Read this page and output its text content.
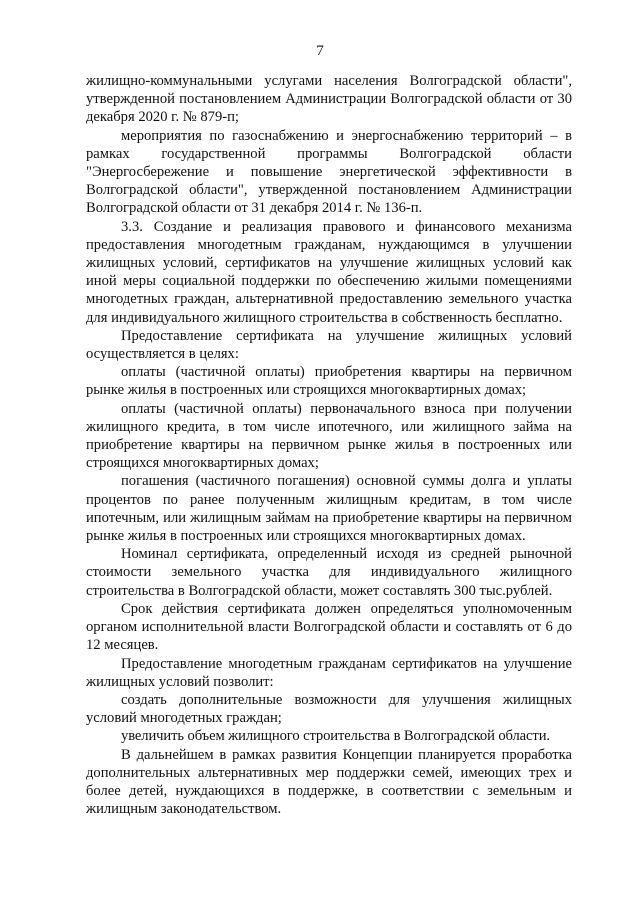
7

жилищно-коммунальными услугами населения Волгоградской области", утвержденной постановлением Администрации Волгоградской области от 30 декабря 2020 г. № 879-п;

мероприятия по газоснабжению и энергоснабжению территорий – в рамках государственной программы Волгоградской области "Энергосбережение и повышение энергетической эффективности в Волгоградской области", утвержденной постановлением Администрации Волгоградской области от 31 декабря 2014 г. № 136-п.

3.3. Создание и реализация правового и финансового механизма предоставления многодетным гражданам, нуждающимся в улучшении жилищных условий, сертификатов на улучшение жилищных условий как иной меры социальной поддержки по обеспечению жилыми помещениями многодетных граждан, альтернативной предоставлению земельного участка для индивидуального жилищного строительства в собственность бесплатно.

Предоставление сертификата на улучшение жилищных условий осуществляется в целях:

оплаты (частичной оплаты) приобретения квартиры на первичном рынке жилья в построенных или строящихся многоквартирных домах;

оплаты (частичной оплаты) первоначального взноса при получении жилищного кредита, в том числе ипотечного, или жилищного займа на приобретение квартиры на первичном рынке жилья в построенных или строящихся многоквартирных домах;

погашения (частичного погашения) основной суммы долга и уплаты процентов по ранее полученным жилищным кредитам, в том числе ипотечным, или жилищным займам на приобретение квартиры на первичном рынке жилья в построенных или строящихся многоквартирных домах.

Номинал сертификата, определенный исходя из средней рыночной стоимости земельного участка для индивидуального жилищного строительства в Волгоградской области, может составлять 300 тыс.рублей.

Срок действия сертификата должен определяться уполномоченным органом исполнительной власти Волгоградской области и составлять от 6 до 12 месяцев.

Предоставление многодетным гражданам сертификатов на улучшение жилищных условий позволит:

создать дополнительные возможности для улучшения жилищных условий многодетных граждан;

увеличить объем жилищного строительства в Волгоградской области.

В дальнейшем в рамках развития Концепции планируется проработка дополнительных альтернативных мер поддержки семей, имеющих трех и более детей, нуждающихся в поддержке, в соответствии с земельным и жилищным законодательством.
